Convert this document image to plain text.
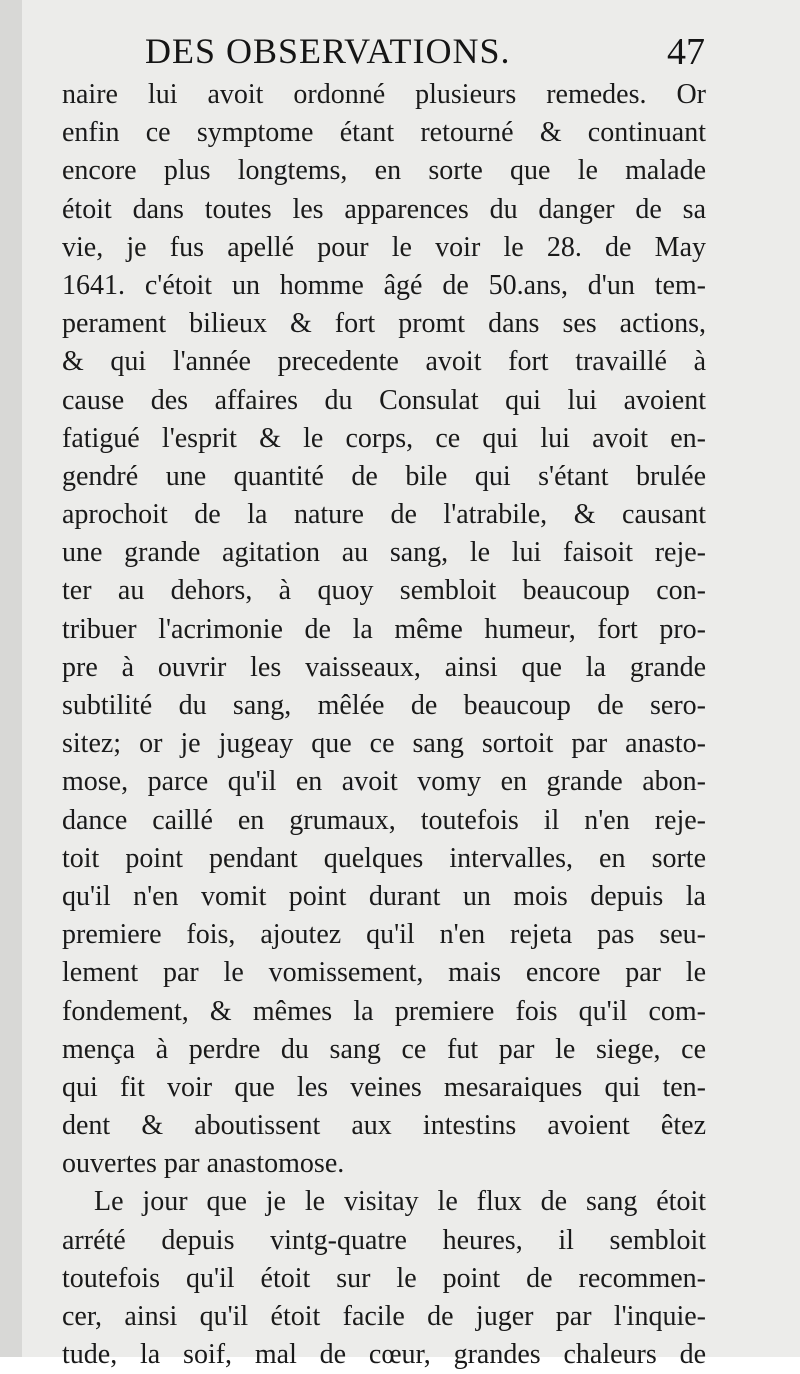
DES OBSERVATIONS.	47
naire lui avoit ordonné plusieurs remedes. Or
enfin ce symptome étant retourné & continuant
encore plus longtems, en sorte que le malade
étoit dans toutes les apparences du danger de sa
vie, je fus apellé pour le voir le 28. de May
1641. c'étoit un homme âgé de 50.ans, d'un tem-
perament bilieux & fort promt dans ses actions,
& qui l'année precedente avoit fort travaillé à
cause des affaires du Consulat qui lui avoient
fatigué l'esprit & le corps, ce qui lui avoit en-
gendré une quantité de bile qui s'étant brulée
aprochoit de la nature de l'atrabile, & causant
une grande agitation au sang, le lui faisoit reje-
ter au dehors, à quoy sembloit beaucoup con-
tribuer l'acrimonie de la même humeur, fort pro-
pre à ouvrir les vaisseaux, ainsi que la grande
subtilité du sang, mêlée de beaucoup de sero-
sitez; or je jugeay que ce sang sortoit par anasto-
mose, parce qu'il en avoit vomy en grande abon-
dance caillé en grumaux, toutefois il n'en reje-
toit point pendant quelques intervalles, en sorte
qu'il n'en vomit point durant un mois depuis la
premiere fois, ajoutez qu'il n'en rejeta pas seu-
lement par le vomissement, mais encore par le
fondement, & mêmes la premiere fois qu'il com-
mença à perdre du sang ce fut par le siege, ce
qui fit voir que les veines mesaraiques qui ten-
dent & aboutissent aux intestins avoient êtez
ouvertes par anastomose.
Le jour que je le visitay le flux de sang étoit
arrété depuis vintg-quatre heures, il sembloit
toutefois qu'il étoit sur le point de recommen-
cer, ainsi qu'il étoit facile de juger par l'inquie-
tude, la soif, mal de cœur, grandes chaleurs de
